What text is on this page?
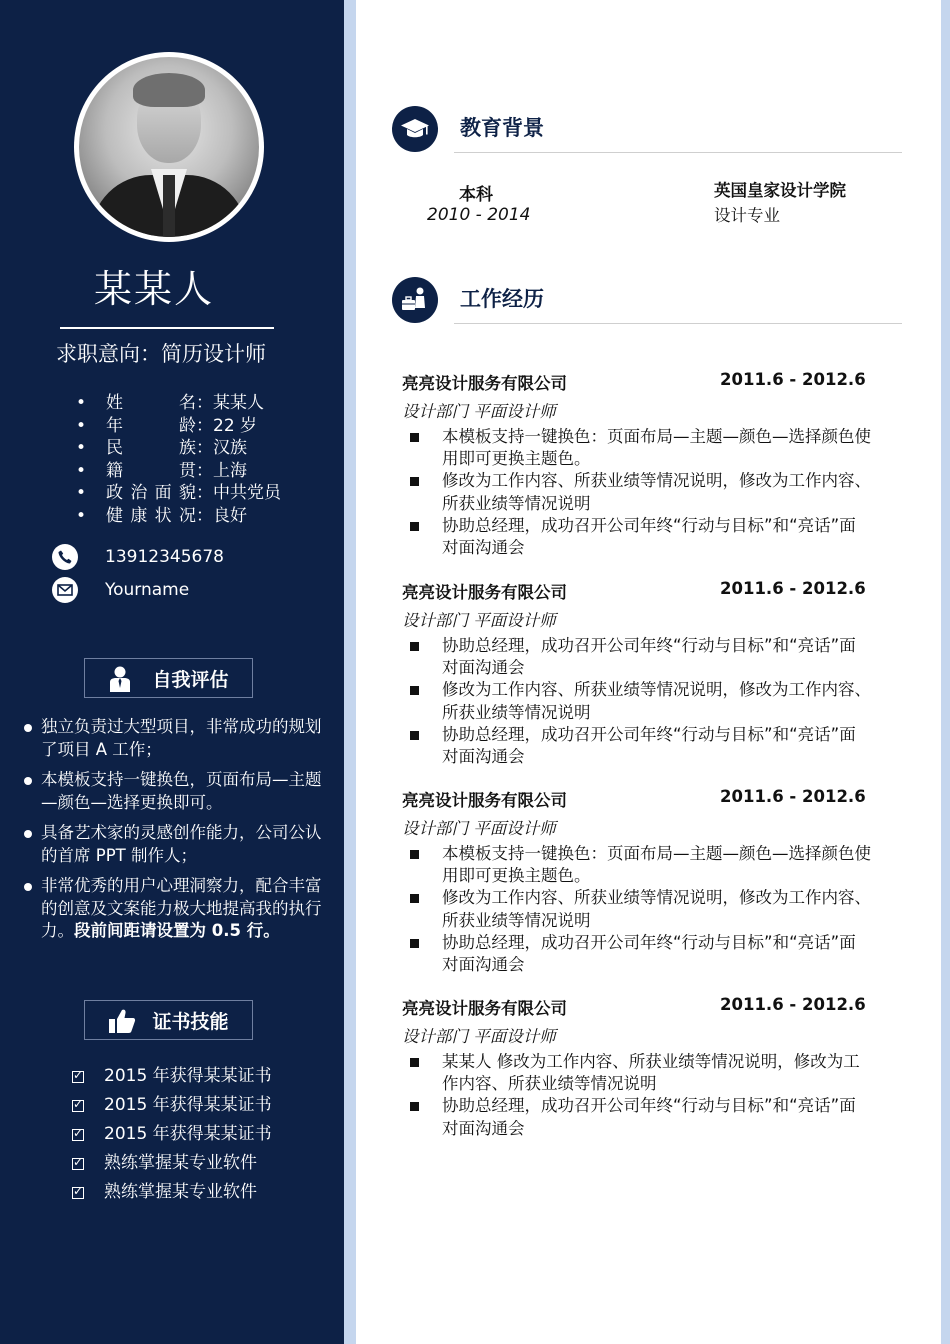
某某人
求职意向：简历设计师
• 姓名：某某人
• 年龄：22 岁
• 民族：汉族
• 籍贯：上海
• 政治面貌：中共党员
• 健康状况：良好
13912345678
Yourname
自我评估
独立负责过大型项目，非常成功的规划了项目 A 工作；
本模板支持一键换色，页面布局—主题—颜色—选择更换即可。
具备艺术家的灵感创作能力，公司公认的首席 PPT 制作人；
非常优秀的用户心理洞察力，配合丰富的创意及文案能力极大地提高我的执行力。段前间距请设置为 0.5 行。
证书技能
✓
2015 年获得某某证书
✓
2015 年获得某某证书
✓
2015 年获得某某证书
✓
熟练掌握某专业软件
✓
熟练掌握某专业软件
教育背景
本科
2010 - 2014
英国皇家设计学院
设计专业
工作经历
亮亮设计服务有限公司	2011.6 - 2012.6
设计部门 平面设计师
本模板支持一键换色：页面布局—主题—颜色—选择颜色使用即可更换主题色。
修改为工作内容、所获业绩等情况说明，修改为工作内容、所获业绩等情况说明
协助总经理，成功召开公司年终“行动与目标”和“亮话”面对面沟通会
亮亮设计服务有限公司	2011.6 - 2012.6
设计部门 平面设计师
协助总经理，成功召开公司年终“行动与目标”和“亮话”面对面沟通会
修改为工作内容、所获业绩等情况说明，修改为工作内容、所获业绩等情况说明
协助总经理，成功召开公司年终“行动与目标”和“亮话”面对面沟通会
亮亮设计服务有限公司	2011.6 - 2012.6
设计部门 平面设计师
本模板支持一键换色：页面布局—主题—颜色—选择颜色使用即可更换主题色。
修改为工作内容、所获业绩等情况说明，修改为工作内容、所获业绩等情况说明
协助总经理，成功召开公司年终“行动与目标”和“亮话”面对面沟通会
亮亮设计服务有限公司	2011.6 - 2012.6
设计部门 平面设计师
某某人 修改为工作内容、所获业绩等情况说明，修改为工作内容、所获业绩等情况说明
协助总经理，成功召开公司年终“行动与目标”和“亮话”面对面沟通会
